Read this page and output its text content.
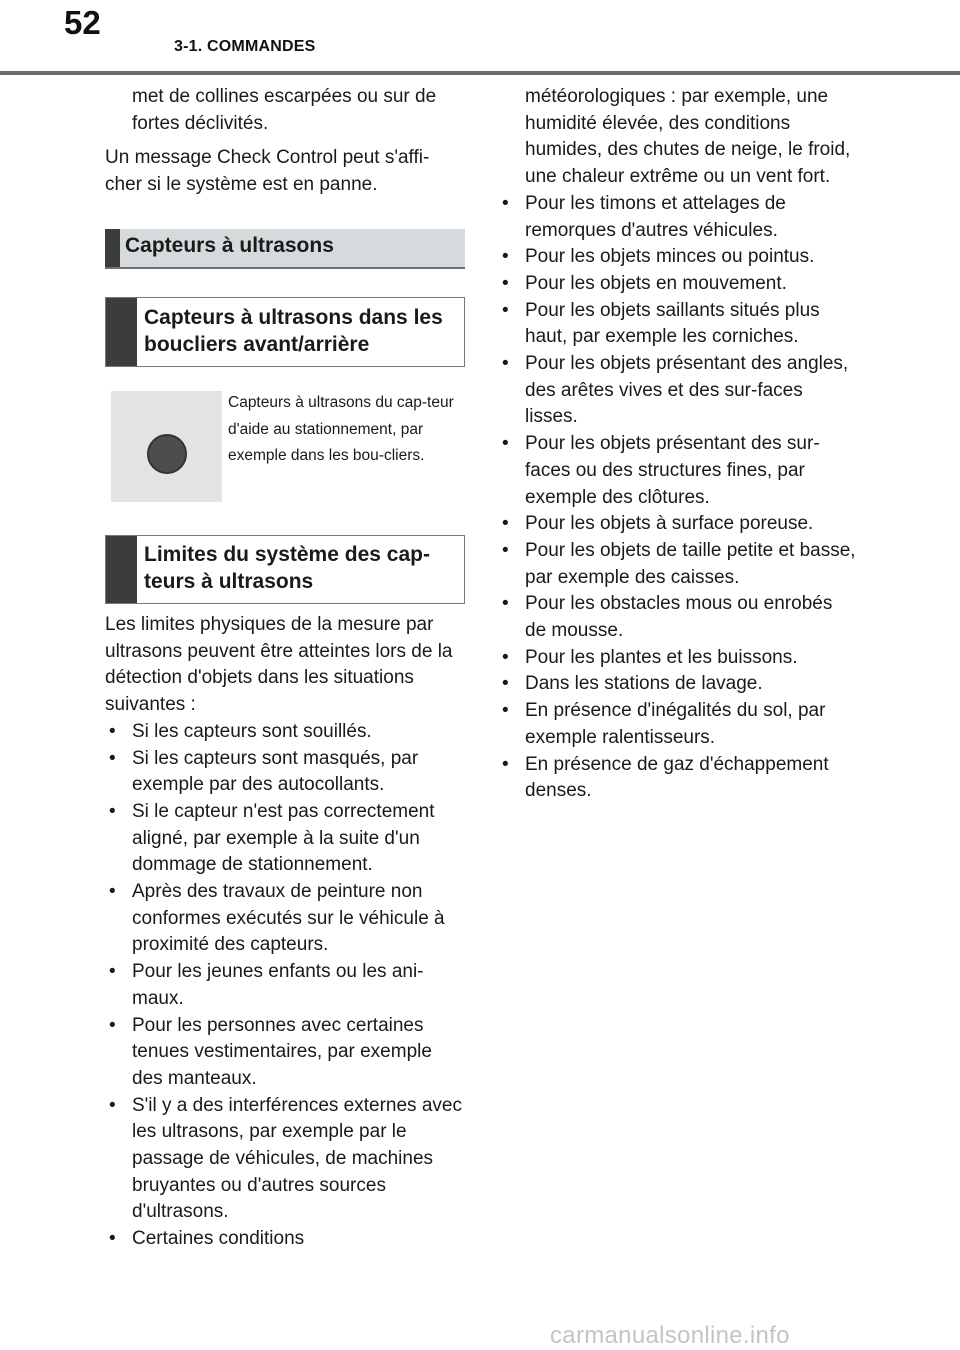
52
3-1. COMMANDES

met de collines escarpées ou sur de fortes déclivités.

Un message Check Control peut s'affi-cher si le système est en panne.

Capteurs à ultrasons
Capteurs à ultrasons dans les boucliers avant/arrière
Capteurs à ultrasons du cap-teur d'aide au stationnement, par exemple dans les bou-cliers.
Limites du système des cap-teurs à ultrasons

Les limites physiques de la mesure par ultrasons peuvent être atteintes lors de la détection d'objets dans les situations suivantes :

• Si les capteurs sont souillés.
• Si les capteurs sont masqués, par exemple par des autocollants.
• Si le capteur n'est pas correctement aligné, par exemple à la suite d'un dommage de stationnement.
• Après des travaux de peinture non conformes exécutés sur le véhicule à proximité des capteurs.
• Pour les jeunes enfants ou les ani-maux.
• Pour les personnes avec certaines tenues vestimentaires, par exemple des manteaux.
• S'il y a des interférences externes avec les ultrasons, par exemple par le passage de véhicules, de machines bruyantes ou d'autres sources d'ultrasons.
• Certaines conditions

météorologiques : par exemple, une humidité élevée, des conditions humides, des chutes de neige, le froid, une chaleur extrême ou un vent fort.

• Pour les timons et attelages de remorques d'autres véhicules.
• Pour les objets minces ou pointus.
• Pour les objets en mouvement.
• Pour les objets saillants situés plus haut, par exemple les corniches.
• Pour les objets présentant des angles, des arêtes vives et des sur-faces lisses.
• Pour les objets présentant des sur-faces ou des structures fines, par exemple des clôtures.
• Pour les objets à surface poreuse.
• Pour les objets de taille petite et basse, par exemple des caisses.
• Pour les obstacles mous ou enrobés de mousse.
• Pour les plantes et les buissons.
• Dans les stations de lavage.
• En présence d'inégalités du sol, par exemple ralentisseurs.
• En présence de gaz d'échappement denses.
carmanualsonline.info
